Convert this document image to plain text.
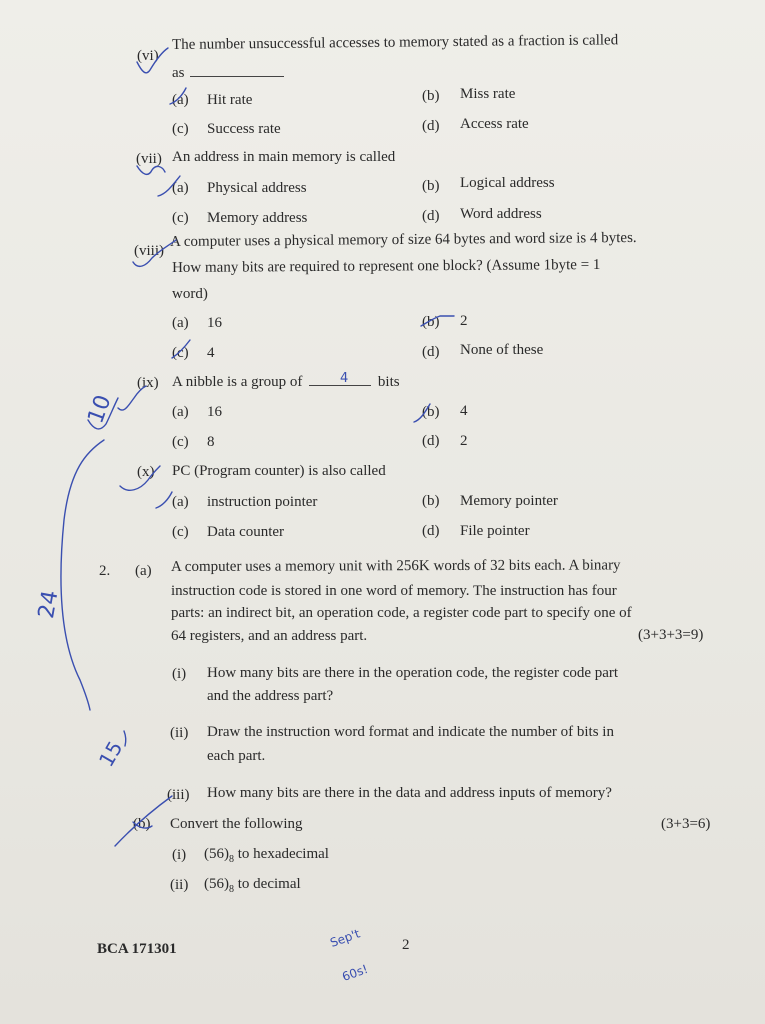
(vi)
The number unsuccessful accesses to memory stated as a fraction is called
as
(a) Hit rate	(b) Miss rate
(c) Success rate	(d) Access rate
(vii) An address in main memory is called
(a) Physical address	(b) Logical address
(c) Memory address	(d) Word address
(viii)
A computer uses a physical memory of size 64 bytes and word size is 4 bytes.
How many bits are required to represent one block? (Assume 1byte = 1
word)
(a) 16	(b) 2
(c) 4	(d) None of these
(ix) A nibble is a group of	bits
(a) 16	(b) 4
(c) 8	(d) 2
(x) PC (Program counter) is also called
(a) instruction pointer	(b) Memory pointer
(c) Data counter	(d) File pointer
2. (a) A computer uses a memory unit with 256K words of 32 bits each. A binary
instruction code is stored in one word of memory. The instruction has four
parts: an indirect bit, an operation code, a register code part to specify one of
64 registers, and an address part.	(3+3+3=9)
(i) How many bits are there in the operation code, the register code part
and the address part?
(ii) Draw the instruction word format and indicate the number of bits in
each part.
(iii) How many bits are there in the data and address inputs of memory?
(b) Convert the following	(3+3=6)
(i) $(56)_8$ to hexadecimal
(ii) $(56)_8$ to decimal
BCA 171301	2
4
10
24
15
Sep't
60s!
